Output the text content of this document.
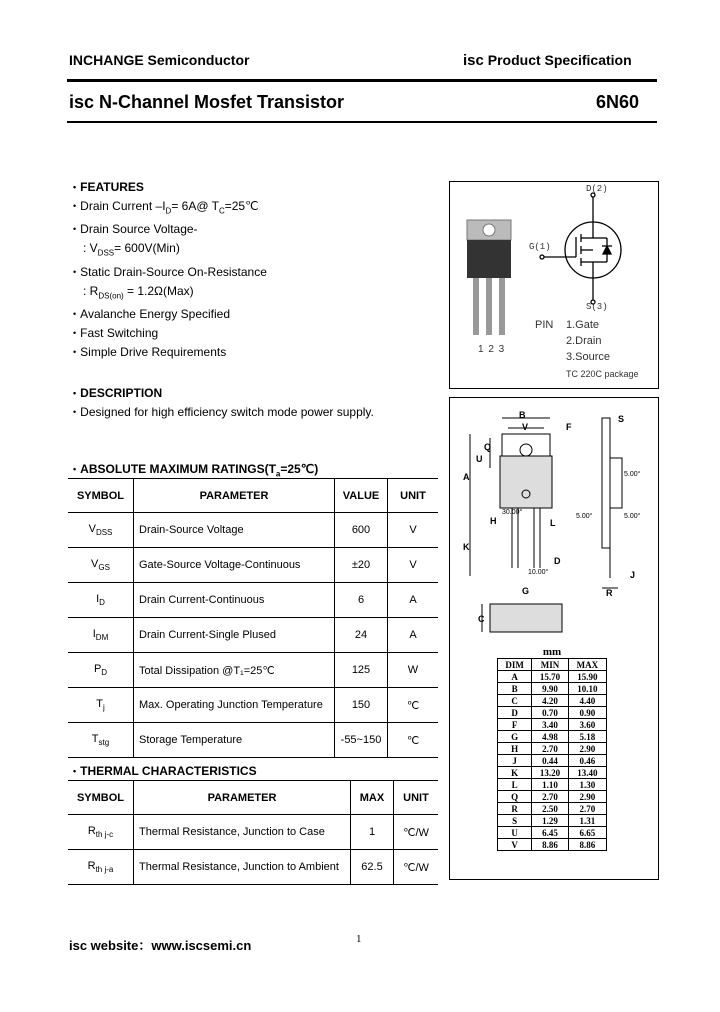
INCHANGE Semiconductor	isc Product Specification
isc N-Channel Mosfet Transistor	6N60
• FEATURES
• Drain Current $-I_D=$ 6A@ $T_C=25℃$
• Drain Source Voltage-
: $V_{DSS}= 600V(Min)$
• Static Drain-Source On-Resistance
: $R_{DS(on)} = 1.2\Omega(Max)$
• Avalanche Energy Specified
• Fast Switching
• Simple Drive Requirements
• DESCRIPTION
• Designed for high efficiency switch mode power supply.
1 2 3
D(2)
G(1)
S(3)
PIN 1.Gate
2.Drain
3.Source
TC 220C package
• ABSOLUTE MAXIMUM $RATINGS(T_a=25℃)$
SYMBOL	PARAMETER	VALUE	UNIT
$V_{DSS}$	Drain-Source Voltage	600	V
$V_{GS}$	Gate-Source Voltage-Continuous	±20	V
$I_D$	Drain Current-Continuous	6	A
$I_{DM}$	Drain Current-Single Plused	24	A
$P_D$	Total Dissipation @T₁=25℃	125	W
$T_j$	Max. Operating Junction Temperature	150	℃
$T_{stg}$	Storage Temperature	-55~150	℃
• THERMAL CHARACTERISTICS
SYMBOL	PARAMETER	MAX	UNIT
$R_{th j-c}$	Thermal Resistance, Junction to Case	1	℃/W
$R_{th j-a}$	Thermal Resistance, Junction to Ambient	62.5	℃/W
B
V	F
S
Q
U
A
H	L
K
D
G
J
R
C
30.00°
10.00°
5.00°
5.00°	5.00°
mm		
DIM	MIN	MAX
A	15.70	15.90
B	9.90	10.10
C	4.20	4.40
D	0.70	0.90
F	3.40	3.60
G	4.98	5.18
H	2.70	2.90
J	0.44	0.46
K	13.20	13.40
L	1.10	1.30
Q	2.70	2.90
R	2.50	2.70
S	1.29	1.31
U	6.45	6.65
V	8.86	8.86
isc website：www.iscsemi.cn	1
